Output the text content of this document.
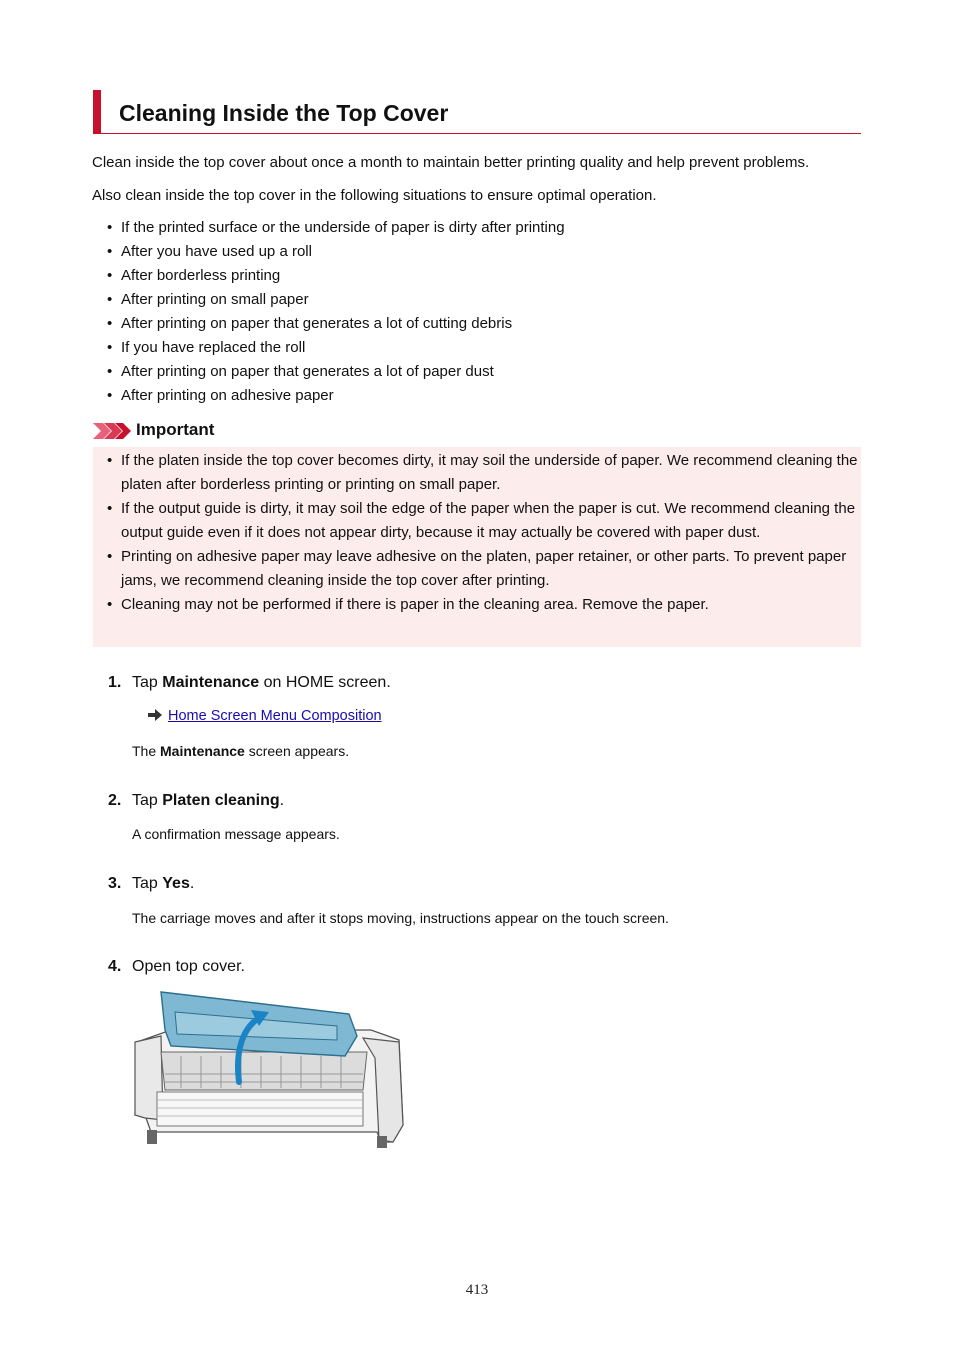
Cleaning Inside the Top Cover

Clean inside the top cover about once a month to maintain better printing quality and help prevent problems.

Also clean inside the top cover in the following situations to ensure optimal operation.

• If the printed surface or the underside of paper is dirty after printing
• After you have used up a roll
• After borderless printing
• After printing on small paper
• After printing on paper that generates a lot of cutting debris
• If you have replaced the roll
• After printing on paper that generates a lot of paper dust
• After printing on adhesive paper
Important
• If the platen inside the top cover becomes dirty, it may soil the underside of paper. We recommend cleaning the platen after borderless printing or printing on small paper.
• If the output guide is dirty, it may soil the edge of the paper when the paper is cut. We recommend cleaning the output guide even if it does not appear dirty, because it may actually be covered with paper dust.
• Printing on adhesive paper may leave adhesive on the platen, paper retainer, or other parts. To prevent paper jams, we recommend cleaning inside the top cover after printing.
• Cleaning may not be performed if there is paper in the cleaning area. Remove the paper.
1. Tap Maintenance on HOME screen.
Home Screen Menu Composition
The Maintenance screen appears.
2. Tap Platen cleaning.
A confirmation message appears.
3. Tap Yes.
The carriage moves and after it stops moving, instructions appear on the touch screen.
4. Open top cover.
413
